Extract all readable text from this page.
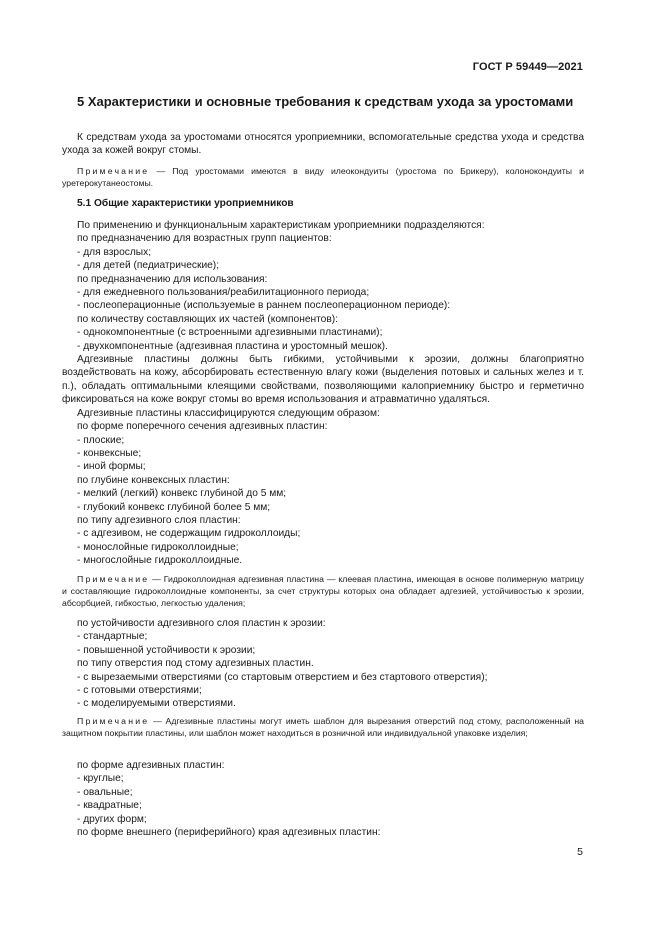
ГОСТ Р 59449—2021
5 Характеристики и основные требования к средствам ухода за уростомами
К средствам ухода за уростомами относятся уроприемники, вспомогательные средства ухода и средства ухода за кожей вокруг стомы.
Примечание — Под уростомами имеются в виду илеокондуиты (уростома по Брикеру), колонокондуиты и уретерокутанеостомы.
5.1 Общие характеристики уроприемников

По применению и функциональным характеристикам уроприемники подразделяются:

по предназначению для возрастных групп пациентов:

- для взрослых;

- для детей (педиатрические);

по предназначению для использования:

- для ежедневного пользования/реабилитационного периода;

- послеоперационные (используемые в раннем послеоперационном периоде):

по количеству составляющих их частей (компонентов):

- однокомпонентные (с встроенными адгезивными пластинами);

- двухкомпонентные (адгезивная пластина и уростомный мешок).

Адгезивные пластины должны быть гибкими, устойчивыми к эрозии, должны благоприятно воздействовать на кожу, абсорбировать естественную влагу кожи (выделения потовых и сальных желез и т. п.), обладать оптимальными клеящими свойствами, позволяющими калоприемнику быстро и герметично фиксироваться на коже вокруг стомы во время использования и атравматично удаляться.

Адгезивные пластины классифицируются следующим образом:

по форме поперечного сечения адгезивных пластин:

- плоские;

- конвексные;

- иной формы;

по глубине конвексных пластин:

- мелкий (легкий) конвекс глубиной до 5 мм;

- глубокий конвекс глубиной более 5 мм;

по типу адгезивного слоя пластин:

- с адгезивом, не содержащим гидроколлоиды;

- монослойные гидроколлоидные;

- многослойные гидроколлоидные.

Примечание — Гидроколлоидная адгезивная пластина — клеевая пластина, имеющая в основе полимерную матрицу и составляющие гидроколлоидные компоненты, за счет структуры которых она обладает адгезией, устойчивостью к эрозии, абсорбцией, гибкостью, легкостью удаления;

по устойчивости адгезивного слоя пластин к эрозии:

- стандартные;

- повышенной устойчивости к эрозии;

по типу отверстия под стому адгезивных пластин.

- с вырезаемыми отверстиями (со стартовым отверстием и без стартового отверстия);

- с готовыми отверстиями;

- с моделируемыми отверстиями.

Примечание — Адгезивные пластины могут иметь шаблон для вырезания отверстий под стому, расположенный на защитном покрытии пластины, или шаблон может находиться в розничной или индивидуальной упаковке изделия;

по форме адгезивных пластин:

- круглые;

- овальные;

- квадратные;

- других форм;

по форме внешнего (периферийного) края адгезивных пластин:

5
